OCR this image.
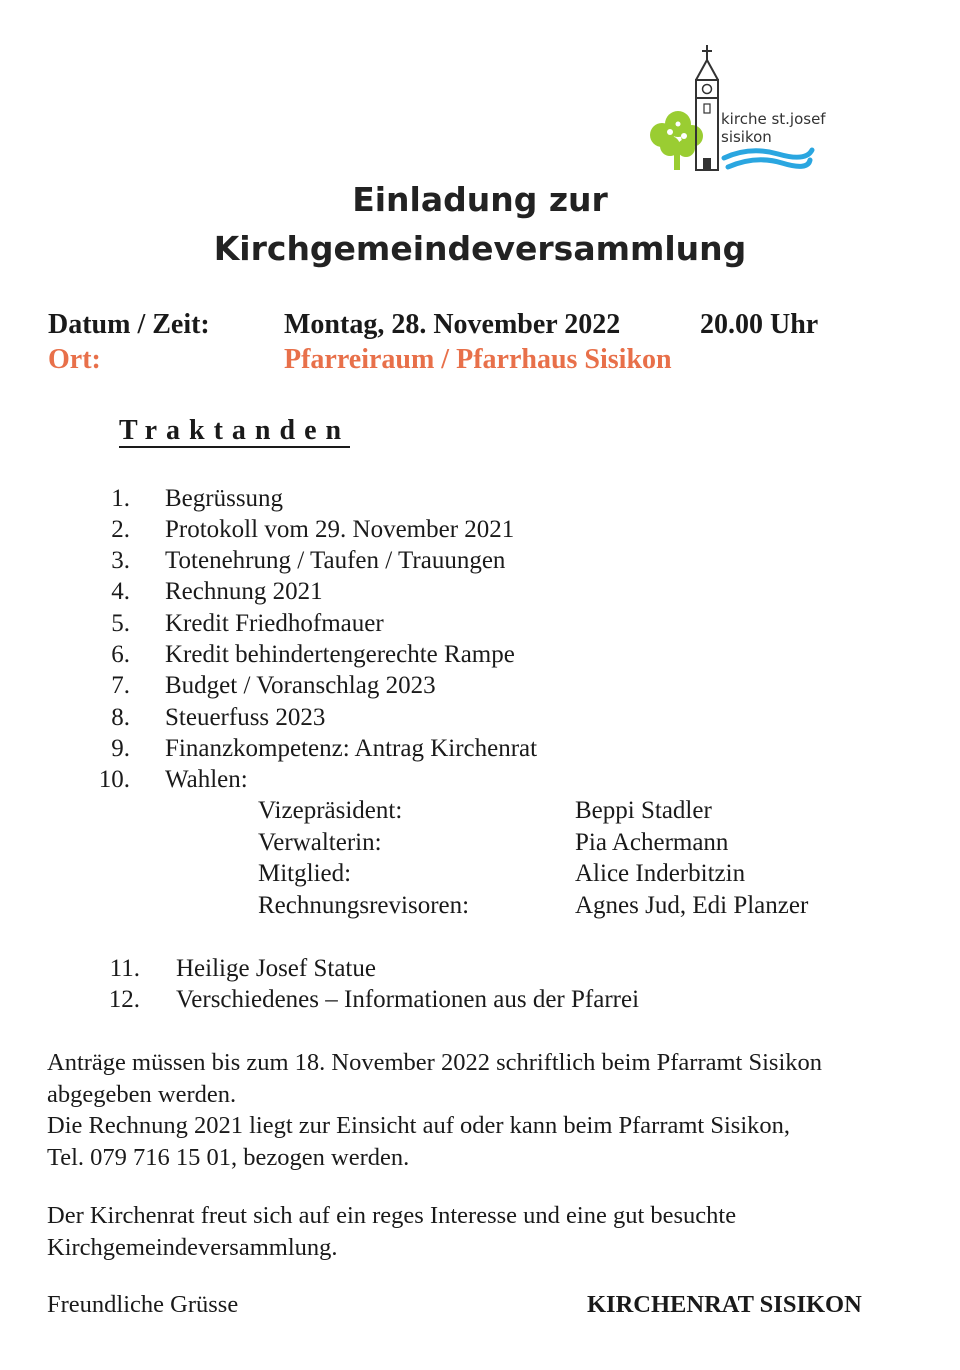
kirche st.josef
sisikon
Einladung zur
Kirchgemeindeversammlung
Datum / Zeit:	Montag, 28. November 2022	20.00 Uhr
Ort:	Pfarreiraum / Pfarrhaus Sisikon
Traktanden
1. Begrüssung
2. Protokoll vom 29. November 2021
3. Totenehrung / Taufen / Trauungen
4. Rechnung 2021
5. Kredit Friedhofmauer
6. Kredit behindertengerechte Rampe
7. Budget / Voranschlag 2023
8. Steuerfuss 2023
9. Finanzkompetenz: Antrag Kirchenrat
10. Wahlen:
Vizepräsident:	Beppi Stadler
Verwalterin:	Pia Achermann
Mitglied:	Alice Inderbitzin
Rechnungsrevisoren:	Agnes Jud, Edi Planzer
11. Heilige Josef Statue
12. Verschiedenes – Informationen aus der Pfarrei
Anträge müssen bis zum 18. November 2022 schriftlich beim Pfarramt Sisikon
abgegeben werden.
Die Rechnung 2021 liegt zur Einsicht auf oder kann beim Pfarramt Sisikon,
Tel. 079 716 15 01, bezogen werden.
Der Kirchenrat freut sich auf ein reges Interesse und eine gut besuchte
Kirchgemeindeversammlung.
Freundliche Grüsse	KIRCHENRAT SISIKON
